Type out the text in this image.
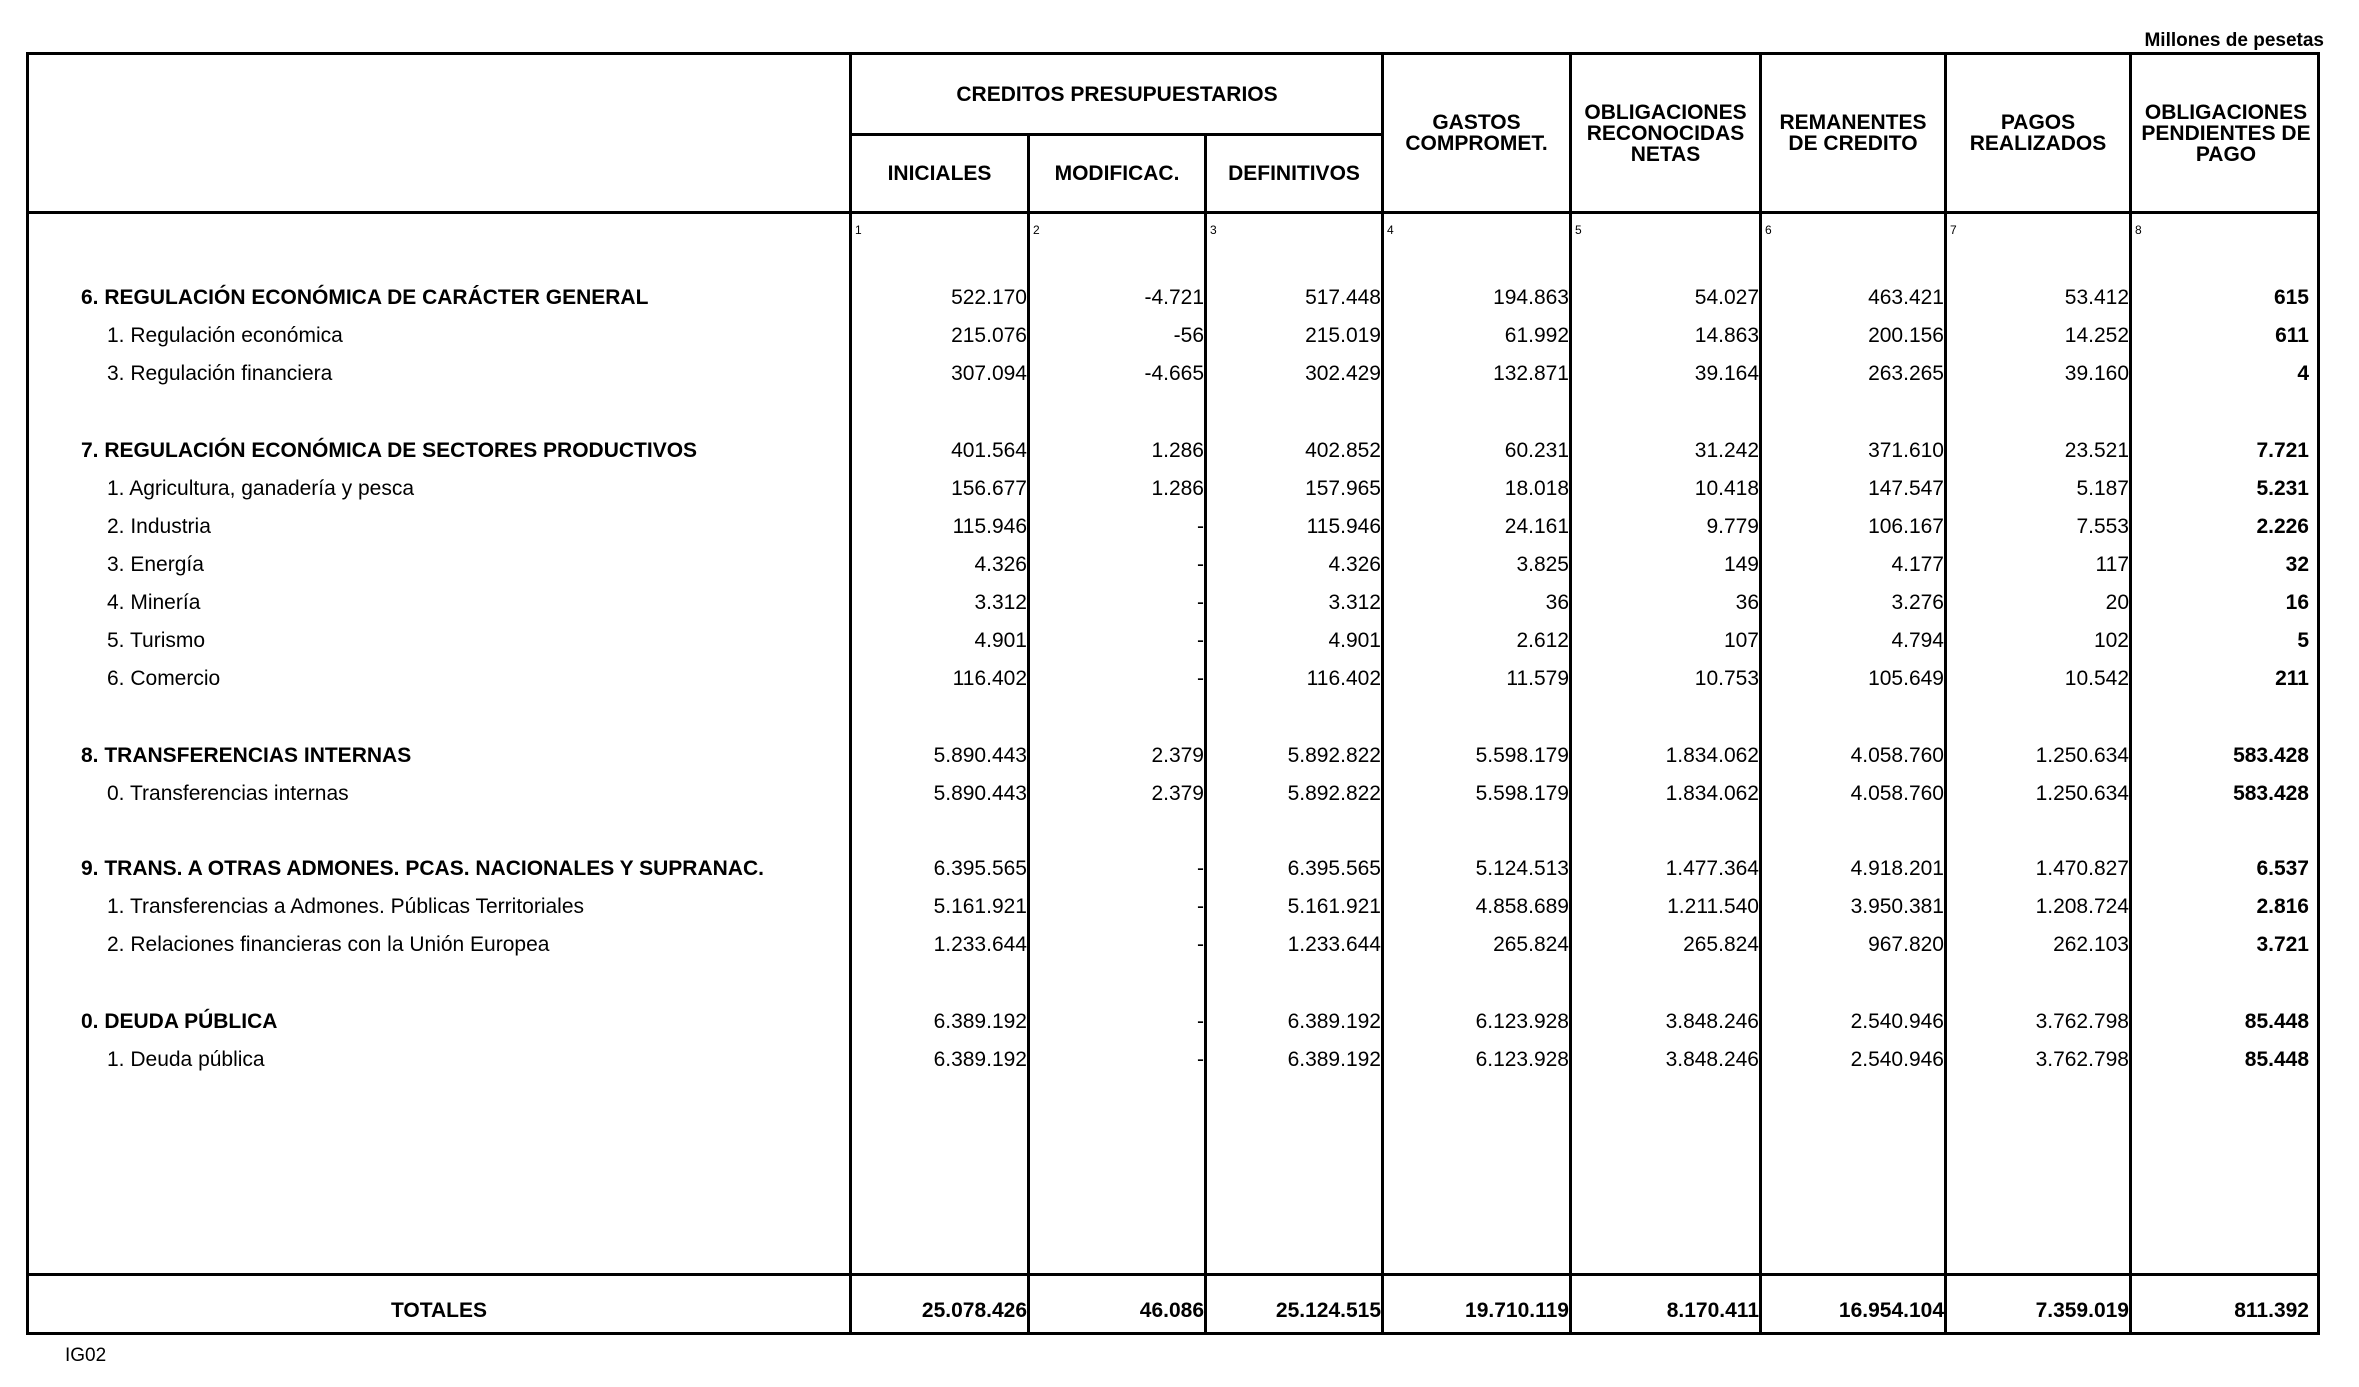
Millones de pesetas
CREDITOS PRESUPUESTARIOS
INICIALES	MODIFICAC.	DEFINITIVOS
GASTOS COMPROMET.
OBLIGACIONES RECONOCIDAS NETAS
REMANENTES DE CREDITO
PAGOS REALIZADOS
OBLIGACIONES PENDIENTES DE PAGO
1	2	3	4	5	6	7	8
6. REGULACIÓN ECONÓMICA DE CARÁCTER GENERAL	522.170	-4.721	517.448	194.863	54.027	463.421	53.412	615
1. Regulación económica	215.076	-56	215.019	61.992	14.863	200.156	14.252	611
3. Regulación financiera	307.094	-4.665	302.429	132.871	39.164	263.265	39.160	4
7. REGULACIÓN ECONÓMICA DE SECTORES PRODUCTIVOS	401.564	1.286	402.852	60.231	31.242	371.610	23.521	7.721
1. Agricultura, ganadería y pesca	156.677	1.286	157.965	18.018	10.418	147.547	5.187	5.231
2. Industria	115.946	-	115.946	24.161	9.779	106.167	7.553	2.226
3. Energía	4.326	-	4.326	3.825	149	4.177	117	32
4. Minería	3.312	-	3.312	36	36	3.276	20	16
5. Turismo	4.901	-	4.901	2.612	107	4.794	102	5
6. Comercio	116.402	-	116.402	11.579	10.753	105.649	10.542	211
8. TRANSFERENCIAS INTERNAS	5.890.443	2.379	5.892.822	5.598.179	1.834.062	4.058.760	1.250.634	583.428
0. Transferencias internas	5.890.443	2.379	5.892.822	5.598.179	1.834.062	4.058.760	1.250.634	583.428
9. TRANS. A OTRAS ADMONES. PCAS. NACIONALES Y SUPRANAC.	6.395.565	-	6.395.565	5.124.513	1.477.364	4.918.201	1.470.827	6.537
1. Transferencias a Admones. Públicas Territoriales	5.161.921	-	5.161.921	4.858.689	1.211.540	3.950.381	1.208.724	2.816
2. Relaciones financieras con la Unión Europea	1.233.644	-	1.233.644	265.824	265.824	967.820	262.103	3.721
0. DEUDA PÚBLICA	6.389.192	-	6.389.192	6.123.928	3.848.246	2.540.946	3.762.798	85.448
1. Deuda pública	6.389.192	-	6.389.192	6.123.928	3.848.246	2.540.946	3.762.798	85.448
TOTALES	25.078.426	46.086	25.124.515	19.710.119	8.170.411	16.954.104	7.359.019	811.392
IG02
